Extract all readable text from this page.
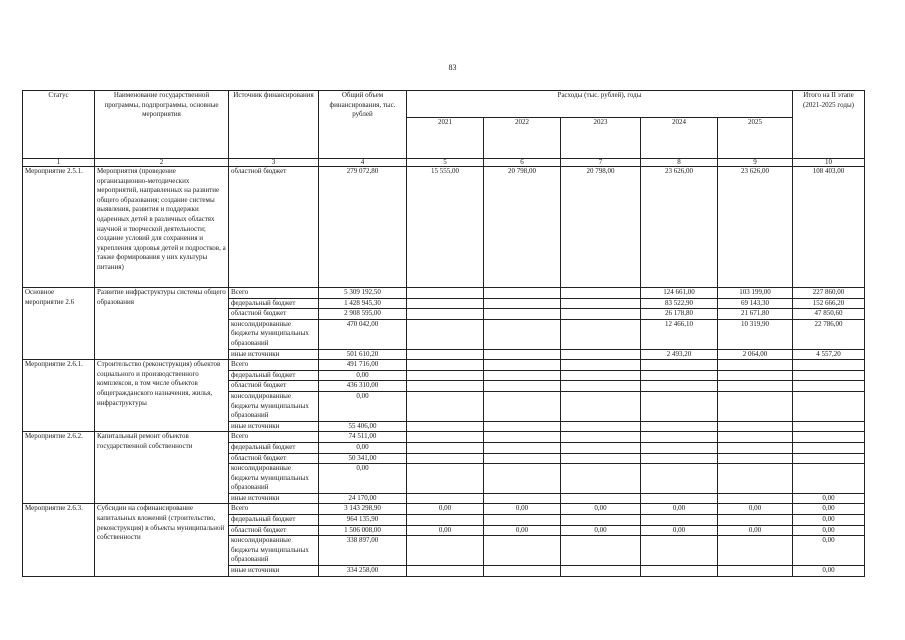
83
Статус	Наименование государственной программы, подпрограммы, основные мероприятия	Источник финансирования	Общий объем финансирования, тыс. рублей	Расходы (тыс. рублей), годы					Итого на II этапе (2021-2025 годы)
				2021	2022	2023	2024	2025	
1	2	3	4	5	6	7	8	9	10
Мероприятие 2.5.1.	Мероприятия (проведение организационно-методических мероприятий, направленных на развитие общего образования; создание системы выявления, развития и поддержки одаренных детей в различных областях научной и творческой деятельности; создание условий для сохранения и укрепления здоровья детей и подростков, а также формирования у них культуры питания)	областной бюджет	279 072,80	15 555,00	20 798,00	20 798,00	23 626,00	23 626,00	108 403,00
Основное мероприятие 2.6	Развитие инфраструктуры системы общего образования	Всего	5 309 192,50				124 661,00	103 199,00	227 860,00
		федеральный бюджет	1 428 945,30				83 522,90	69 143,30	152 666,20
		областной бюджет	2 908 595,00				26 178,80	21 671,80	47 850,60
		консолидированные бюджеты муниципальных образований	470 042,00				12 466,10	10 319,90	22 786,00
		иные источники	501 610,20				2 493,20	2 064,00	4 557,20
Мероприятие 2.6.1.	Строительство (реконструкция) объектов социального и производственного комплексов, в том числе объектов общегражданского назначения, жилья, инфраструктуры	Всего	491 716,00						
		федеральный бюджет	0,00						
		областной бюджет	436 310,00						
		консолидированные бюджеты муниципальных образований	0,00						
		иные источники	55 406,00						
Мероприятие 2.6.2.	Капитальный ремонт объектов государственной собственности	Всего	74 511,00						
		федеральный бюджет	0,00						
		областной бюджет	50 341,00						
		консолидированные бюджеты муниципальных образований	0,00						
		иные источники	24 170,00						0,00
Мероприятие 2.6.3.	Субсидии на софинансирование капитальных вложений (строительство, реконструкция) в объекты муниципальной собственности	Всего	3 143 298,90	0,00	0,00	0,00	0,00	0,00	0,00
		федеральный бюджет	964 135,90						0,00
		областной бюджет	1 506 008,00	0,00	0,00	0,00	0,00	0,00	0,00
		консолидированные бюджеты муниципальных образований	338 897,00						0,00
		иные источники	334 258,00						0,00
